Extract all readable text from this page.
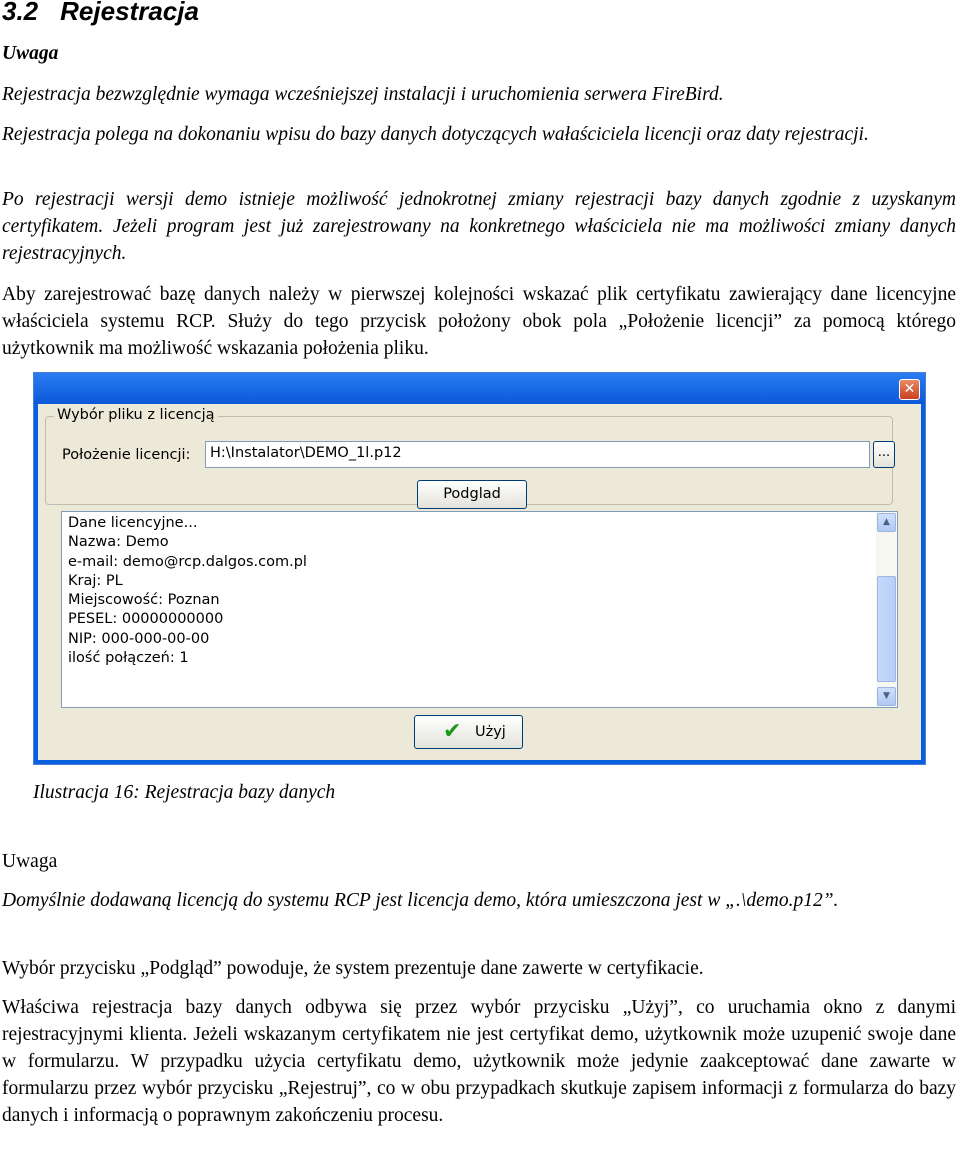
3.2 Rejestracja
Uwaga
Rejestracja bezwzględnie wymaga wcześniejszej instalacji i uruchomienia serwera FireBird.
Rejestracja polega na dokonaniu wpisu do bazy danych dotyczących wałaściciela licencji oraz daty rejestracji.
Po rejestracji wersji demo istnieje możliwość jednokrotnej zmiany rejestracji bazy danych zgodnie z uzyskanym certyfikatem. Jeżeli program jest już zarejestrowany na konkretnego właściciela nie ma możliwości zmiany danych rejestracyjnych.
Aby zarejestrować bazę danych należy w pierwszej kolejności wskazać plik certyfikatu zawierający dane licencyjne właściciela systemu RCP. Służy do tego przycisk położony obok pola „Położenie licencji” za pomocą którego użytkownik ma możliwość wskazania położenia pliku.
✕
Wybór pliku z licencją
Położenie licencji:	H:\Instalator\DEMO_1l.p12	...
Podglad
Dane licencyjne...
Nazwa: Demo
e-mail: demo@rcp.dalgos.com.pl
Kraj: PL
Miejscowość: Poznan
PESEL: 00000000000
NIP: 000-000-00-00
ilość połączeń: 1
▲
▼
✔ Użyj
Ilustracja 16: Rejestracja bazy danych
Uwaga
Domyślnie dodawaną licencją do systemu RCP jest licencja demo, która umieszczona jest w „.\demo.p12”.
Wybór przycisku „Podgląd” powoduje, że system prezentuje dane zawerte w certyfikacie.
Właściwa rejestracja bazy danych odbywa się przez wybór przycisku „Użyj”, co uruchamia okno z danymi rejestracyjnymi klienta. Jeżeli wskazanym certyfikatem nie jest certyfikat demo, użytkownik może uzupenić swoje dane w formularzu. W przypadku użycia certyfikatu demo, użytkownik może jedynie zaakceptować dane zawarte w formularzu przez wybór przycisku „Rejestruj”, co w obu przypadkach skutkuje zapisem informacji z formularza do bazy danych i informacją o poprawnym zakończeniu procesu.
